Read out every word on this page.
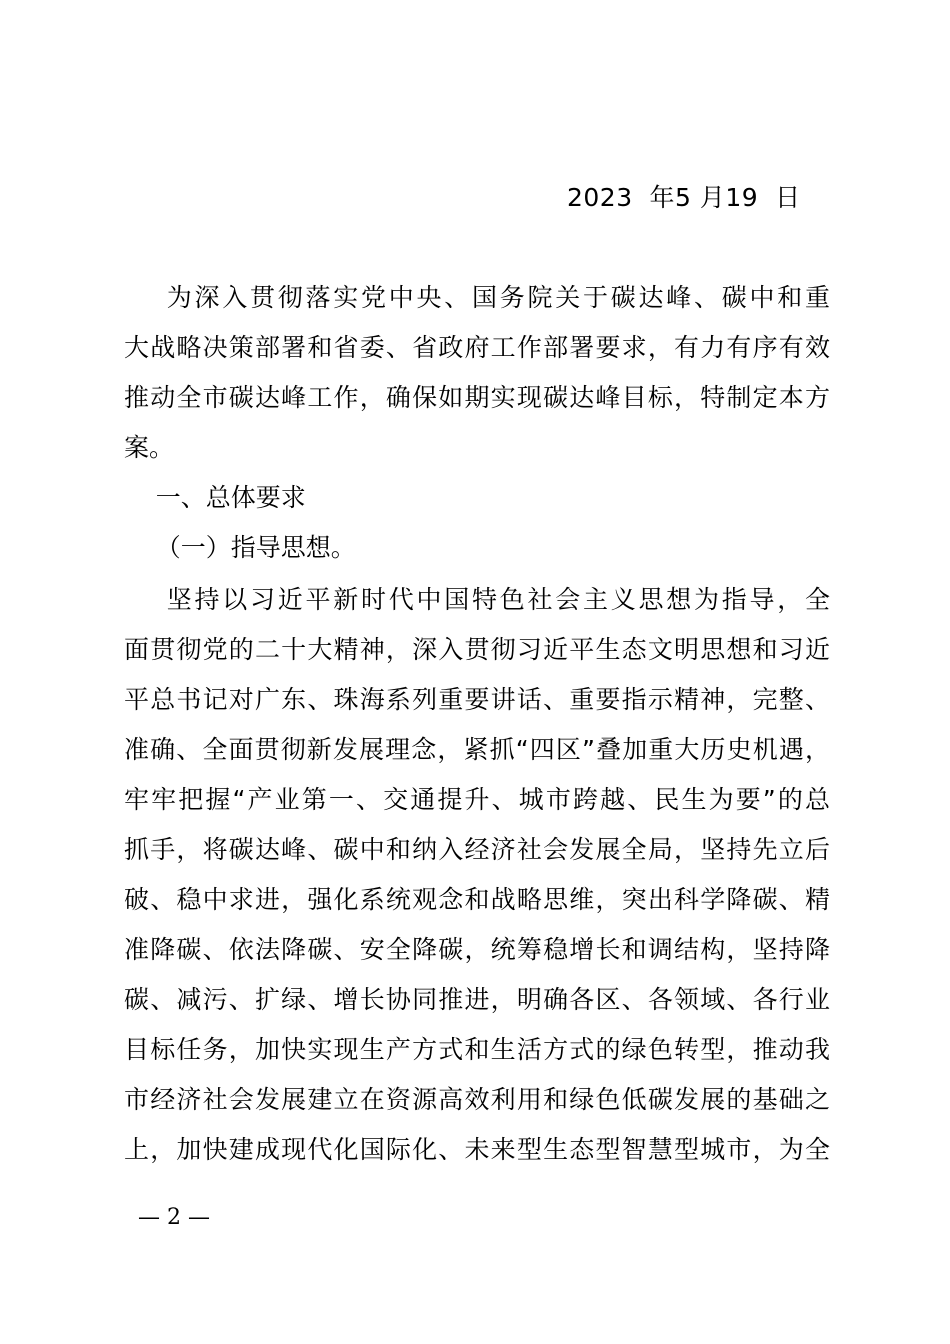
2023  年5 月19  日
为深入贯彻落实党中央、国务院关于碳达峰、碳中和重
大战略决策部署和省委、省政府工作部署要求，有力有序有效
推动全市碳达峰工作，确保如期实现碳达峰目标，特制定本方
案。
一、总体要求
（一）指导思想。
坚持以习近平新时代中国特色社会主义思想为指导，全
面贯彻党的二十大精神，深入贯彻习近平生态文明思想和习近
平总书记对广东、珠海系列重要讲话、重要指示精神，完整、
准确、全面贯彻新发展理念，紧抓“四区”叠加重大历史机遇，
牢牢把握“产业第一、交通提升、城市跨越、民生为要”的总
抓手，将碳达峰、碳中和纳入经济社会发展全局，坚持先立后
破、稳中求进，强化系统观念和战略思维，突出科学降碳、精
准降碳、依法降碳、安全降碳，统筹稳增长和调结构，坚持降
碳、减污、扩绿、增长协同推进，明确各区、各领域、各行业
目标任务，加快实现生产方式和生活方式的绿色转型，推动我
市经济社会发展建立在资源高效利用和绿色低碳发展的基础之
上，加快建成现代化国际化、未来型生态型智慧型城市，为全
— 2 —
